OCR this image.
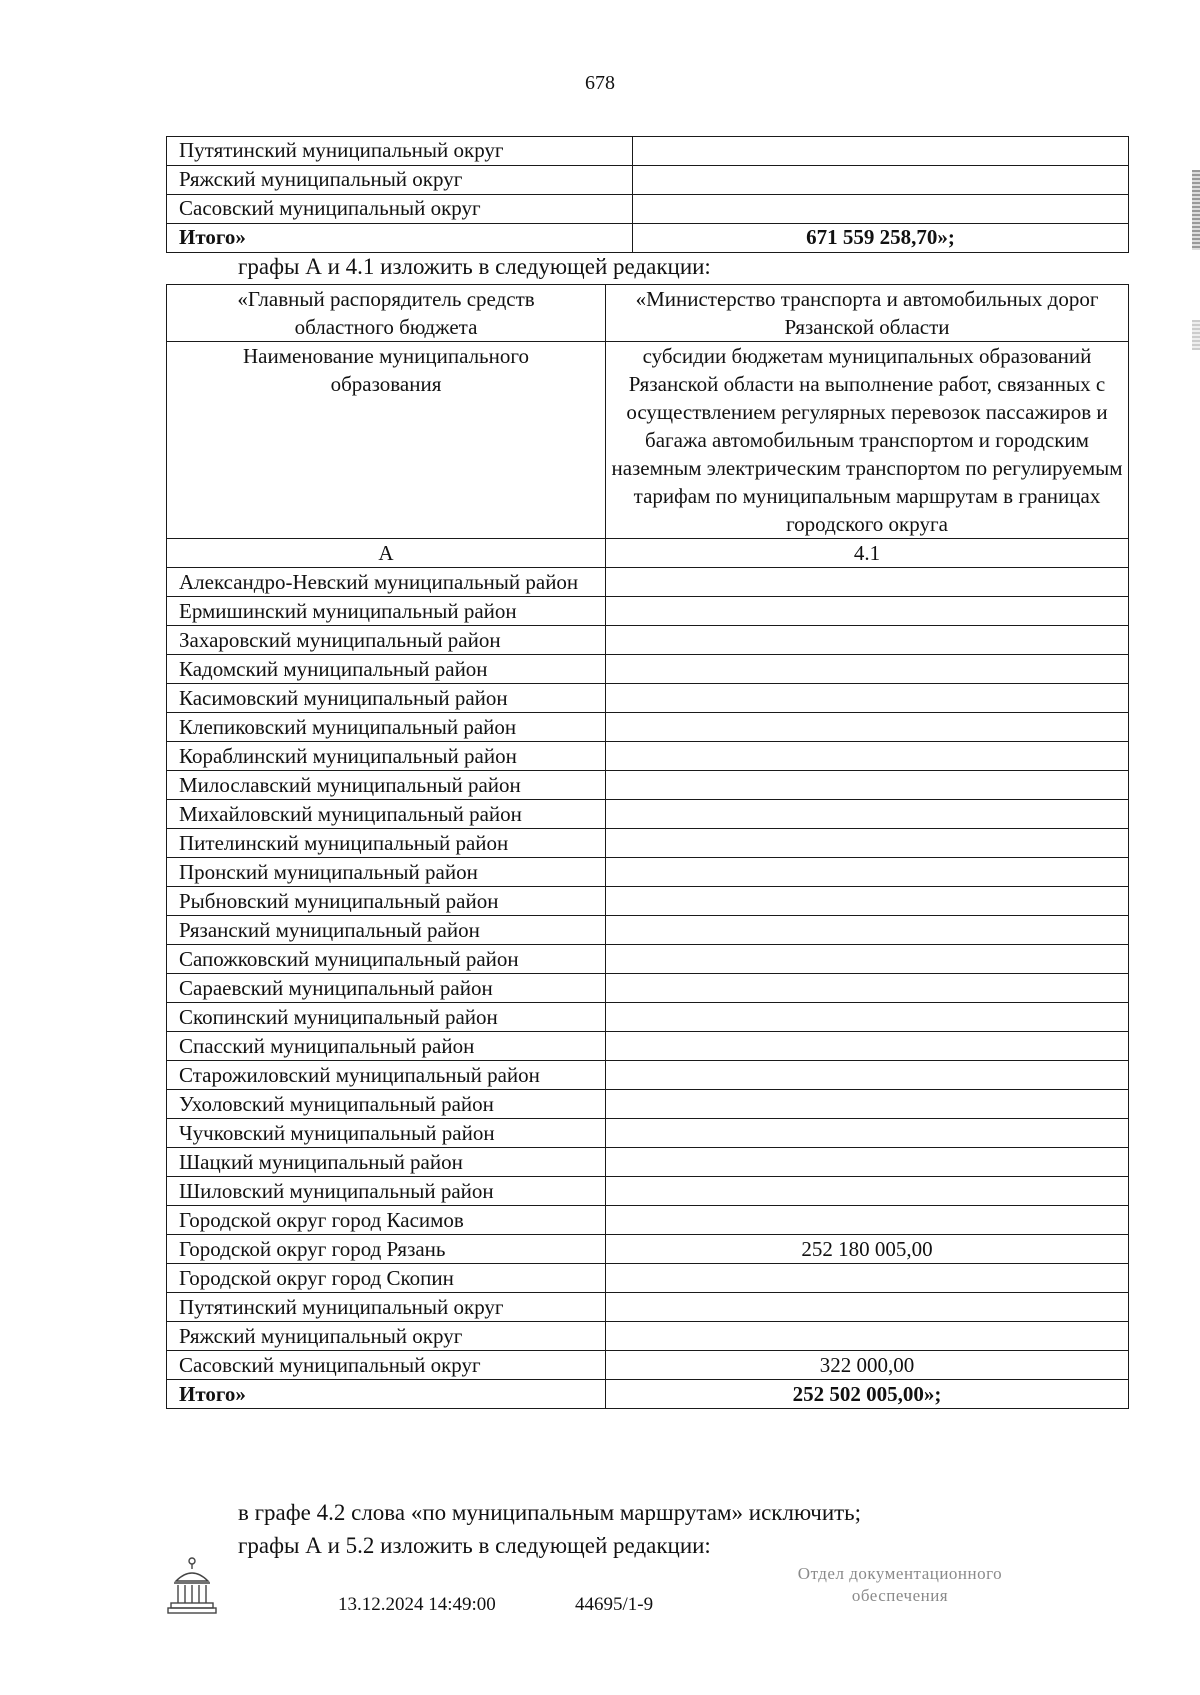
678
Путятинский муниципальный округ	
Ряжский муниципальный округ	
Сасовский муниципальный округ	
Итого»	671 559 258,70»;
графы А и 4.1 изложить в следующей редакции:
«Главный распорядитель средств областного бюджета	«Министерство транспорта и автомобильных дорог Рязанской области
Наименование муниципального образования	субсидии бюджетам муниципальных образований Рязанской области на выполнение работ, связанных с осуществлением регулярных перевозок пассажиров и багажа автомобильным транспортом и городским наземным электрическим транспортом по регулируемым тарифам по муниципальным маршрутам в границах городского округа
А	4.1
Александро-Невский муниципальный район	
Ермишинский муниципальный район	
Захаровский муниципальный район	
Кадомский муниципальный район	
Касимовский муниципальный район	
Клепиковский муниципальный район	
Кораблинский муниципальный район	
Милославский муниципальный район	
Михайловский муниципальный район	
Пителинский муниципальный район	
Пронский муниципальный район	
Рыбновский муниципальный район	
Рязанский муниципальный район	
Сапожковский муниципальный район	
Сараевский муниципальный район	
Скопинский муниципальный район	
Спасский муниципальный район	
Старожиловский муниципальный район	
Ухоловский муниципальный район	
Чучковский муниципальный район	
Шацкий муниципальный район	
Шиловский муниципальный район	
Городской округ город Касимов	
Городской округ город Рязань	252 180 005,00
Городской округ город Скопин	
Путятинский муниципальный округ	
Ряжский муниципальный округ	
Сасовский муниципальный округ	322 000,00
Итого»	252 502 005,00»;
в графе 4.2 слова «по муниципальным маршрутам» исключить;
графы А и 5.2 изложить в следующей редакции:
13.12.2024 14:49:00	44695/1-9
Отдел документационного
обеспечения
